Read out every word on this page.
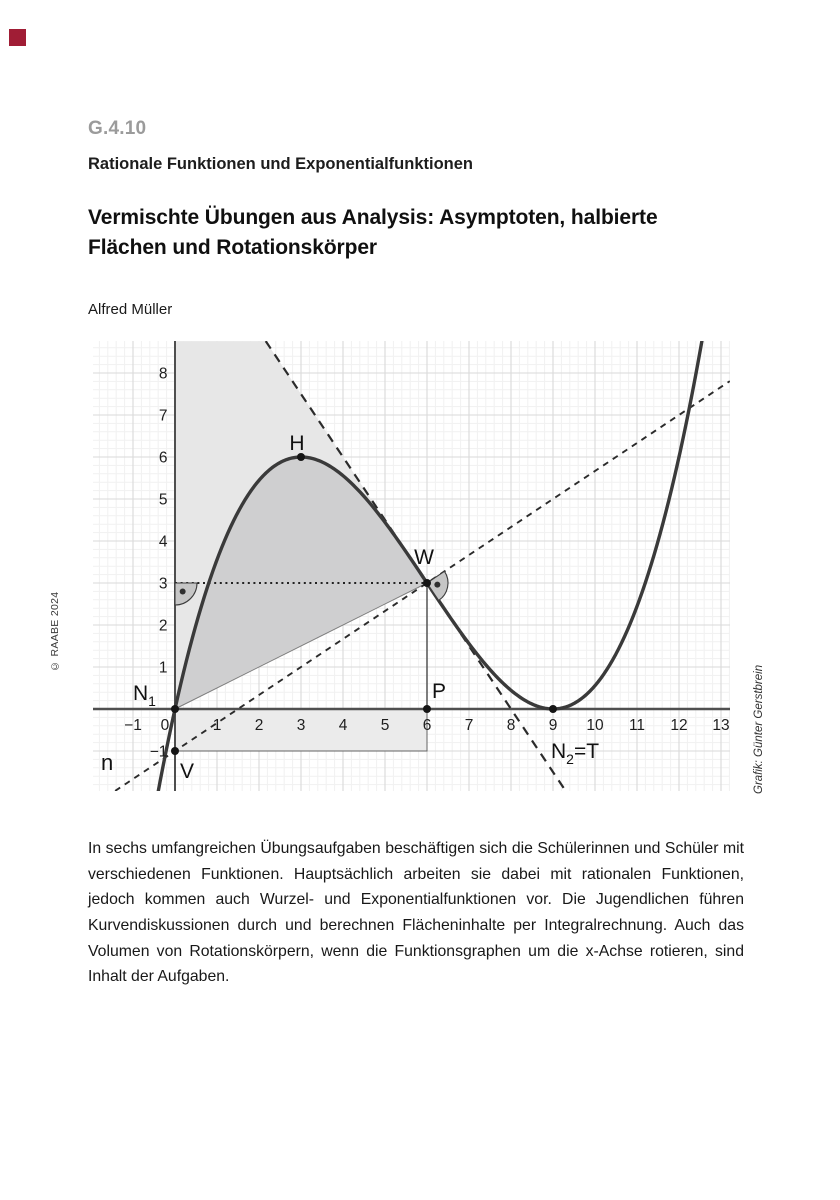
G.4.10
Rationale Funktionen und Exponentialfunktionen
Vermischte Übungen aus Analysis: Asymptoten, halbierte Flächen und Rotationskörper
Alfred Müller
$N_1$
H
W
P
V
$N_2=T$
n
−1 0	1 2 3 4 5 6 7 8 9 10 11 12 13
−1
1
2
3
4
5
6
7
8
© RAABE 2024
Grafik: Günter Gerstbrein

In sechs umfangreichen Übungsaufgaben beschäftigen sich die Schülerinnen und Schüler mit verschiedenen Funktionen. Hauptsächlich arbeiten sie dabei mit rationalen Funktionen, jedoch kommen auch Wurzel- und Exponentialfunktionen vor. Die Jugendlichen führen Kurvendiskussionen durch und berechnen Flächeninhalte per Integralrechnung. Auch das Volumen von Rotationskörpern, wenn die Funktionsgraphen um die x-Achse rotieren, sind Inhalt der Aufgaben.
